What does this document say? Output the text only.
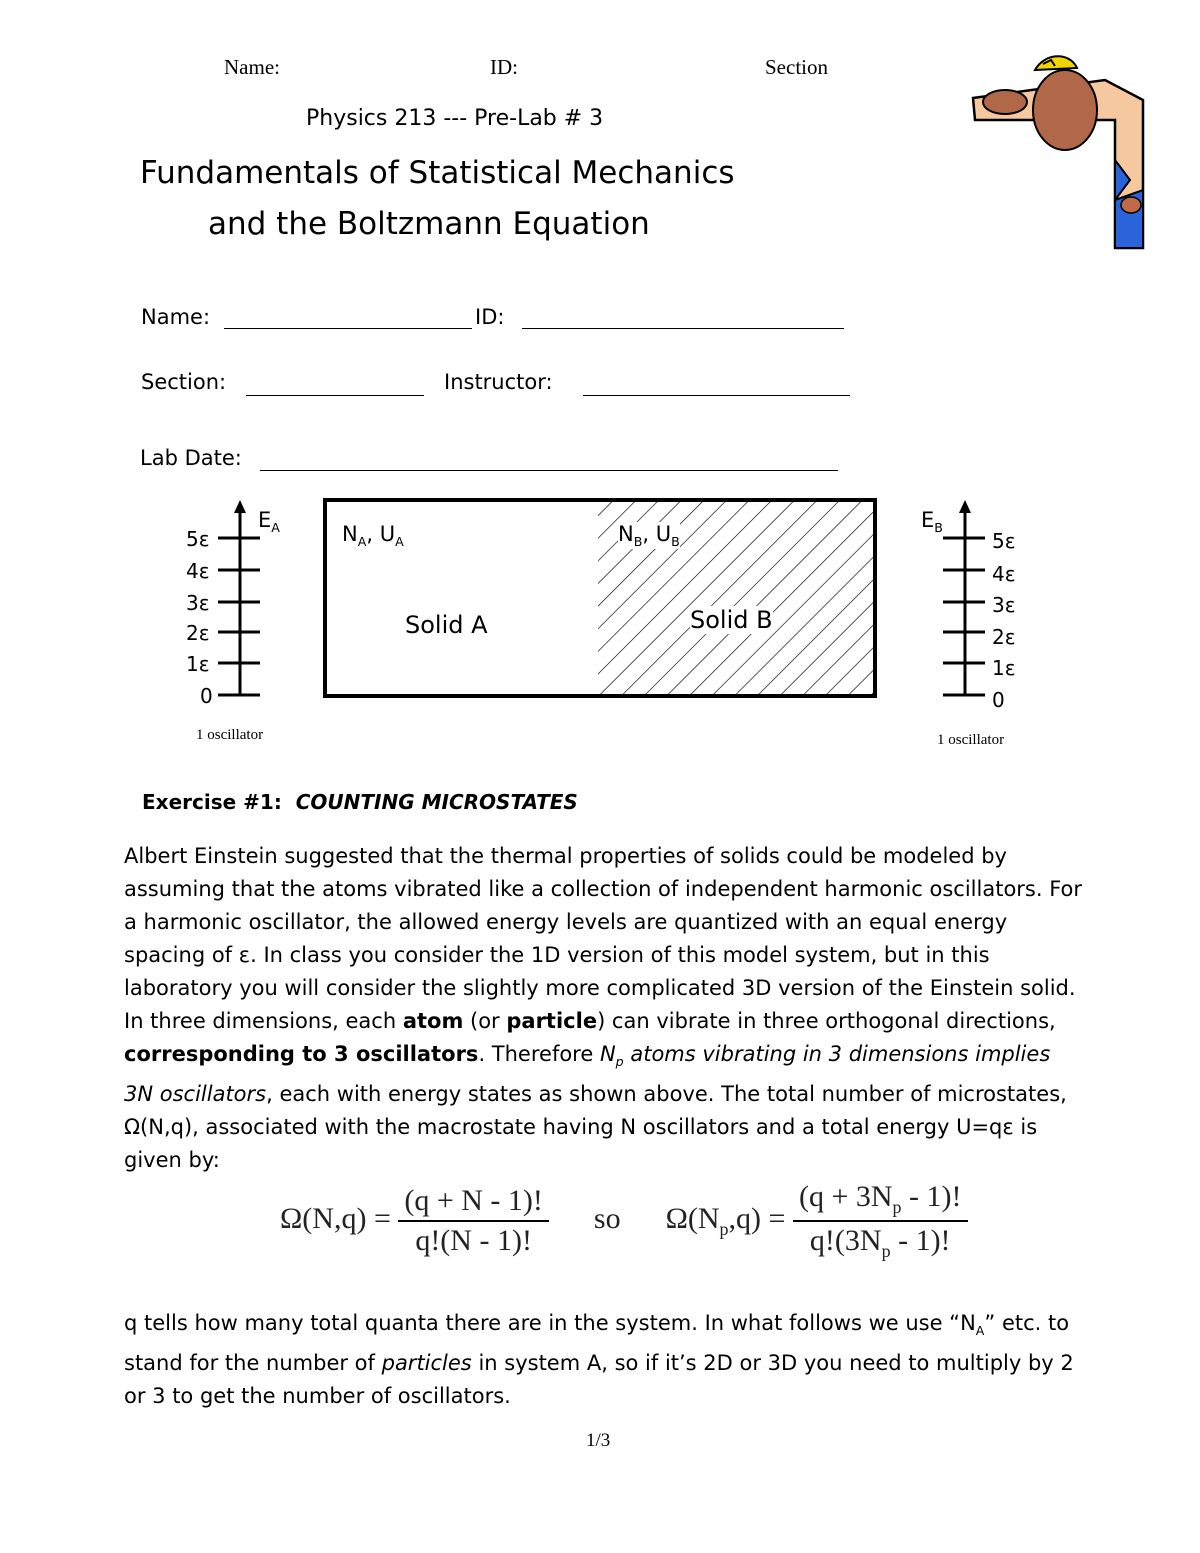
Name:	ID:	Section
Physics 213 --- Pre-Lab # 3
Fundamentals of Statistical Mechanics
and the Boltzmann Equation
Name:	ID:
Section:	Instructor:
Lab Date:
0
1ε
2ε
3ε
4ε
5ε
$E_A$
1 oscillator
$N_A$, $U_A$	$N_B$, $U_B$
Solid A	Solid B
0
1ε
2ε
3ε
4ε
5ε
$E_B$
1 oscillator
Exercise #1: COUNTING MICROSTATES

Albert Einstein suggested that the thermal properties of solids could be modeled by assuming that the atoms vibrated like a collection of independent harmonic oscillators. For a harmonic oscillator, the allowed energy levels are quantized with an equal energy spacing of ε. In class you consider the 1D version of this model system, but in this laboratory you will consider the slightly more complicated 3D version of the Einstein solid. In three dimensions, each atom (or particle) can vibrate in three orthogonal directions, corresponding to 3 oscillators. Therefore $N_p$ atoms vibrating in 3 dimensions implies 3N oscillators, each with energy states as shown above. The total number of microstates, Ω(N,q), associated with the macrostate having N oscillators and a total energy U=qε is given by:

$\Omega(N,q) = \frac{(q + N - 1)!}{q!(N - 1)!}$ so $\Omega(N_p,q) = \frac{(q + 3N_p - 1)!}{q!(3N_p - 1)!}$

q tells how many total quanta there are in the system. In what follows we use “$N_A$” etc. to stand for the number of particles in system A, so if it’s 2D or 3D you need to multiply by 2 or 3 to get the number of oscillators.

1/3
